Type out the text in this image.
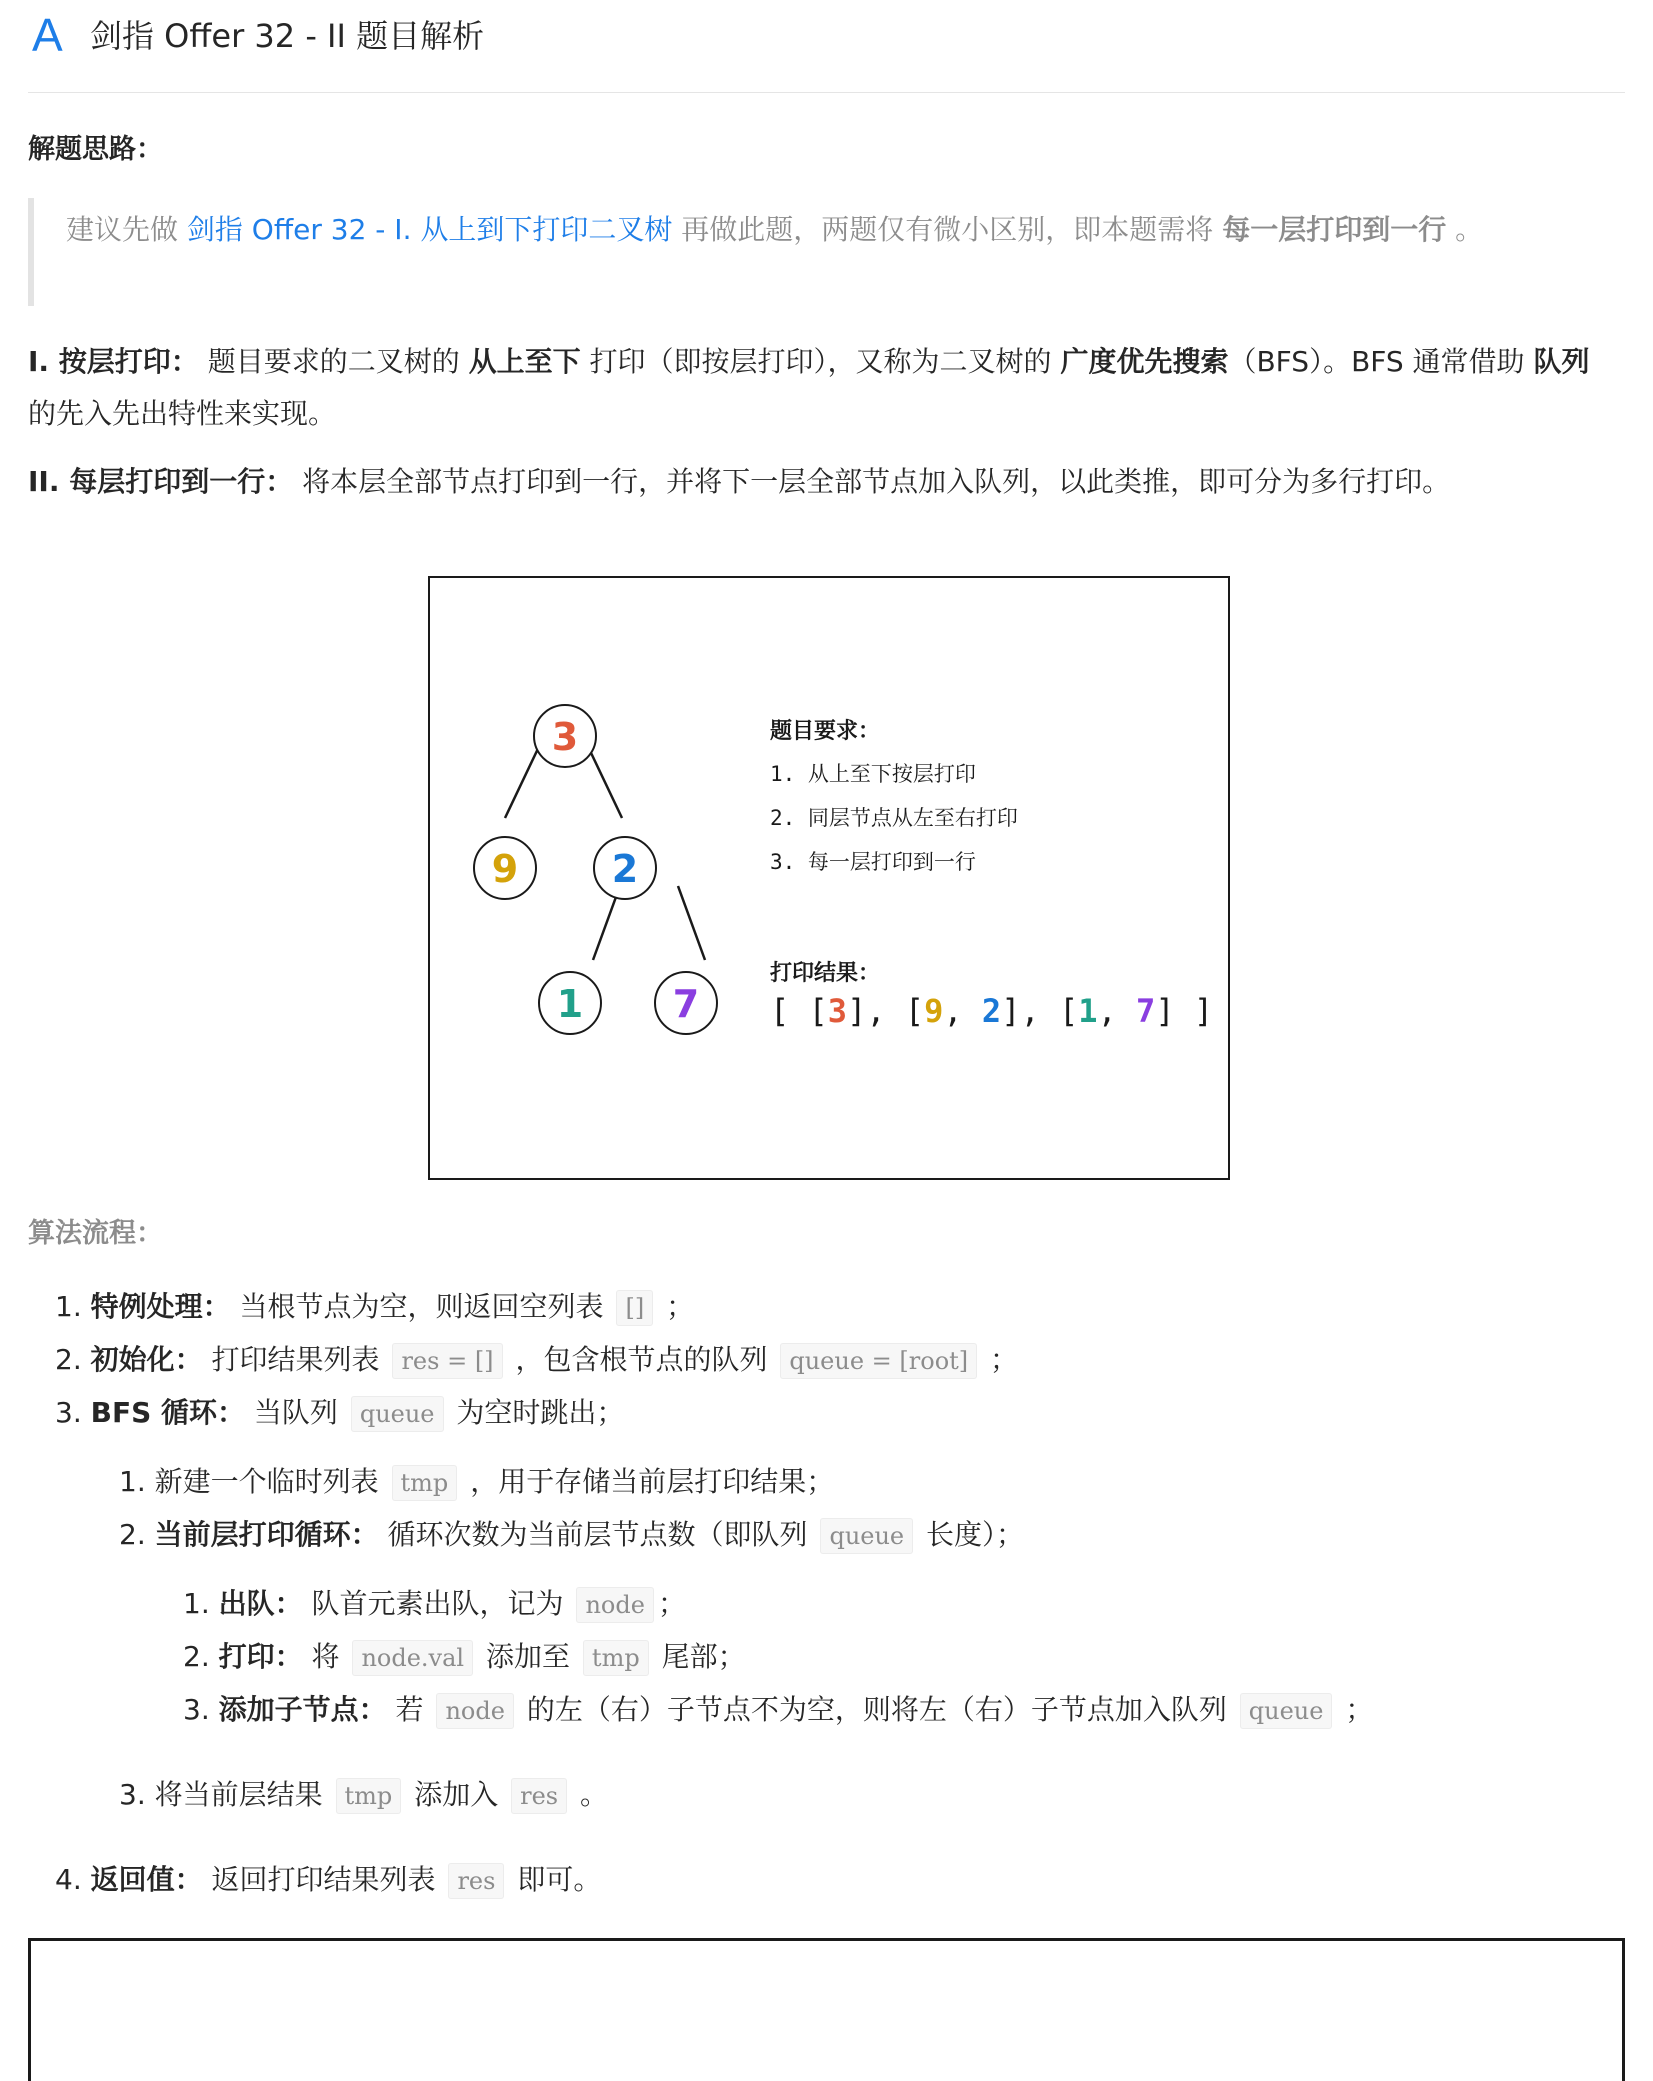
A 剑指 Offer 32 - II 题目解析
解题思路：
建议先做 剑指 Offer 32 - I. 从上到下打印二叉树 再做此题，两题仅有微小区别，即本题需将 每一层打印到一行 。
I. 按层打印： 题目要求的二叉树的 从上至下 打印（即按层打印），又称为二叉树的 广度优先搜索（BFS）。BFS 通常借助 队列 的先入先出特性来实现。
II. 每层打印到一行： 将本层全部节点打印到一行，并将下一层全部节点加入队列，以此类推，即可分为多行打印。
3
9 2
1 7
题目要求：
1. 从上至下按层打印
2. 同层节点从左至右打印
3. 每一层打印到一行
打印结果：
[ [3], [9, 2], [1, 7] ]
算法流程：
1. 特例处理： 当根节点为空，则返回空列表 [] ；
2. 初始化： 打印结果列表 res = [] ，包含根节点的队列 queue = [root] ；
3. BFS 循环： 当队列 queue 为空时跳出；
1. 新建一个临时列表 tmp ，用于存储当前层打印结果；
2. 当前层打印循环： 循环次数为当前层节点数（即队列 queue 长度）；
1. 出队： 队首元素出队，记为 node ；
2. 打印： 将 node.val 添加至 tmp 尾部；
3. 添加子节点： 若 node 的左（右）子节点不为空，则将左（右）子节点加入队列 queue ；
3. 将当前层结果 tmp 添加入 res 。
4. 返回值： 返回打印结果列表 res 即可。
